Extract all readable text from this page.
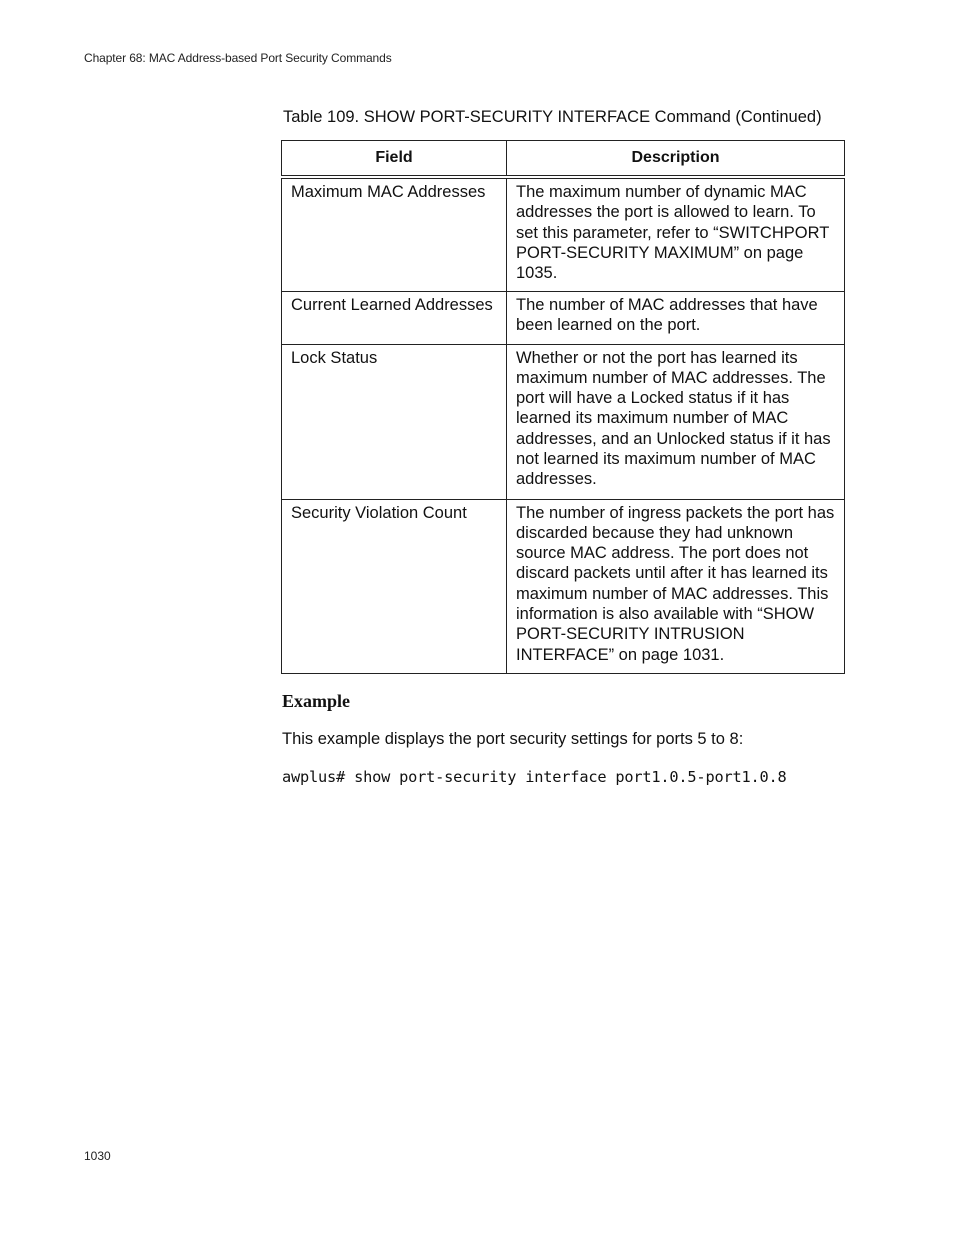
Chapter 68: MAC Address-based Port Security Commands
Table 109. SHOW PORT-SECURITY INTERFACE Command (Continued)
Field	Description
Maximum MAC Addresses	The maximum number of dynamic MAC addresses the port is allowed to learn. To set this parameter, refer to “SWITCHPORT PORT-SECURITY MAXIMUM” on page 1035.
Current Learned Addresses	The number of MAC addresses that have been learned on the port.
Lock Status	Whether or not the port has learned its maximum number of MAC addresses. The port will have a Locked status if it has learned its maximum number of MAC addresses, and an Unlocked status if it has not learned its maximum number of MAC addresses.
Security Violation Count	The number of ingress packets the port has discarded because they had unknown source MAC address. The port does not discard packets until after it has learned its maximum number of MAC addresses. This information is also available with “SHOW PORT-SECURITY INTRUSION INTERFACE” on page 1031.
Example
This example displays the port security settings for ports 5 to 8:
awplus# show port-security interface port1.0.5-port1.0.8
1030
